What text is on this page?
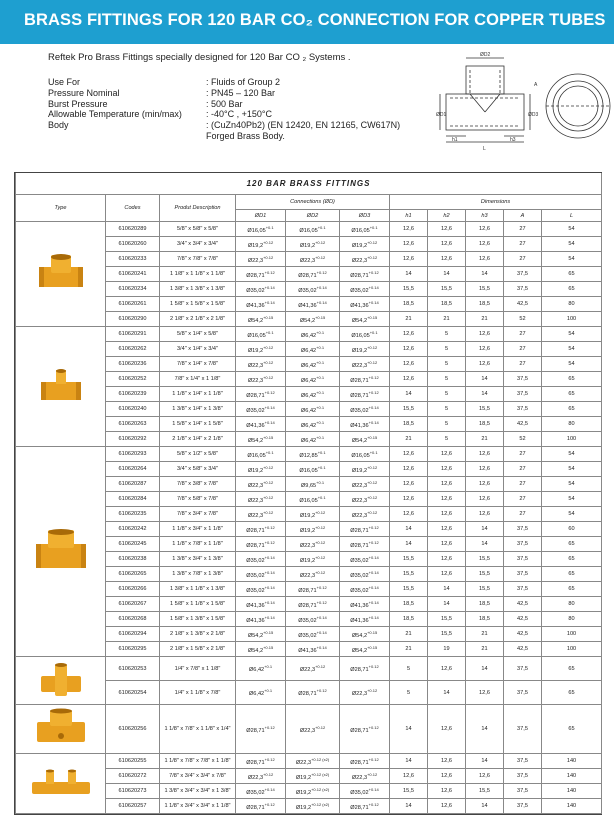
BRASS FITTINGS FOR 120 BAR CO₂ CONNECTION FOR COPPER TUBES
Reftek Pro Brass Fittings specially designed for 120 Bar CO ₂ Systems .
Use For	: Fluids of Group 2
Pressure Nominal	: PN45 – 120 Bar
Burst Pressure	: 500 Bar
Allowable Temperature (min/max)	: -40°C , +150°C
Body	: (CuZn40Pb2) (EN 12420, EN 12165, CW617N)
Forged Brass Body.
ØD2
ØD1	ØD3
h1	h3
L
A
120 BAR BRASS FITTINGS										
Type	Codes	Produt Description	Connections (ØD)			Dimensions				
			ØD1	ØD2	ØD3	h1	h2	h3	A	L
	610620289	5/8" x 5/8" x 5/8"	$Ø16,05^{+0.1}$	$Ø16,05^{+0.1}$	$Ø16,05^{+0.1}$	12,6	12,6	12,6	27	54
	610620260	3/4" x 3/4" x 3/4"	$Ø19,2^{+0.12}$	$Ø19,2^{+0.12}$	$Ø19,2^{+0.12}$	12,6	12,6	12,6	27	54
	610620233	7/8" x 7/8" x 7/8"	$Ø22,3^{+0.12}$	$Ø22,3^{+0.12}$	$Ø22,3^{+0.12}$	12,6	12,6	12,6	27	54
	610620241	1 1/8" x 1 1/8" x 1 1/8"	$Ø28,71^{+0.12}$	$Ø28,71^{+0.12}$	$Ø28,71^{+0.12}$	14	14	14	37,5	65
	610620234	1 3/8" x 1 3/8" x 1 3/8"	$Ø35,02^{+0.14}$	$Ø35,02^{+0.14}$	$Ø35,02^{+0.14}$	15,5	15,5	15,5	37,5	65
	610620261	1 5/8" x 1 5/8" x 1 5/8"	$Ø41,36^{+0.14}$	$Ø41,36^{+0.14}$	$Ø41,36^{+0.14}$	18,5	18,5	18,5	42,5	80
	610620290	2 1/8" x 2 1/8" x 2 1/8"	$Ø54,2^{+0.15}$	$Ø54,2^{+0.15}$	$Ø54,2^{+0.15}$	21	21	21	52	100
	610620291	5/8" x 1/4" x 5/8"	$Ø16,05^{+0.1}$	$Ø6,42^{+0.1}$	$Ø16,05^{+0.1}$	12,6	5	12,6	27	54
	610620262	3/4" x 1/4" x 3/4"	$Ø19,2^{+0.12}$	$Ø6,42^{+0.1}$	$Ø19,2^{+0.12}$	12,6	5	12,6	27	54
	610620236	7/8" x 1/4" x 7/8"	$Ø22,3^{+0.12}$	$Ø6,42^{+0.1}$	$Ø22,3^{+0.12}$	12,6	5	12,6	27	54
	610620252	7/8" x 1/4" x 1 1/8"	$Ø22,3^{+0.12}$	$Ø6,42^{+0.1}$	$Ø28,71^{+0.12}$	12,6	5	14	37,5	65
	610620239	1 1/8" x 1/4" x 1 1/8"	$Ø28,71^{+0.12}$	$Ø6,42^{+0.1}$	$Ø28,71^{+0.12}$	14	5	14	37,5	65
	610620240	1 3/8" x 1/4" x 1 3/8"	$Ø35,02^{+0.14}$	$Ø6,42^{+0.1}$	$Ø35,02^{+0.14}$	15,5	5	15,5	37,5	65
	610620263	1 5/8" x 1/4" x 1 5/8"	$Ø41,36^{+0.14}$	$Ø6,42^{+0.1}$	$Ø41,36^{+0.14}$	18,5	5	18,5	42,5	80
	610620292	2 1/8" x 1/4" x 2 1/8"	$Ø54,2^{+0.15}$	$Ø6,42^{+0.1}$	$Ø54,2^{+0.15}$	21	5	21	52	100
	610620293	5/8" x 1/2" x 5/8"	$Ø16,05^{+0.1}$	$Ø12,85^{+0.1}$	$Ø16,05^{+0.1}$	12,6	12,6	12,6	27	54
	610620264	3/4" x 5/8" x 3/4"	$Ø19,2^{+0.12}$	$Ø16,05^{+0.1}$	$Ø19,2^{+0.12}$	12,6	12,6	12,6	27	54
	610620287	7/8" x 3/8" x 7/8"	$Ø22,3^{+0.12}$	$Ø9,65^{+0.1}$	$Ø22,3^{+0.12}$	12,6	12,6	12,6	27	54
	610620284	7/8" x 5/8" x 7/8"	$Ø22,3^{+0.12}$	$Ø16,05^{+0.1}$	$Ø22,3^{+0.12}$	12,6	12,6	12,6	27	54
	610620235	7/8" x 3/4" x 7/8"	$Ø22,3^{+0.12}$	$Ø19,2^{+0.12}$	$Ø22,3^{+0.12}$	12,6	12,6	12,6	27	54
	610620242	1 1/8" x 3/4" x 1 1/8"	$Ø28,71^{+0.12}$	$Ø19,2^{+0.12}$	$Ø28,71^{+0.12}$	14	12,6	14	37,5	60
	610620245	1 1/8" x 7/8" x 1 1/8"	$Ø28,71^{+0.12}$	$Ø22,3^{+0.12}$	$Ø28,71^{+0.12}$	14	12,6	14	37,5	65
	610620238	1 3/8" x 3/4" x 1 3/8"	$Ø35,02^{+0.14}$	$Ø19,2^{+0.12}$	$Ø35,02^{+0.14}$	15,5	12,6	15,5	37,5	65
	610620265	1 3/8" x 7/8" x 1 3/8"	$Ø35,02^{+0.14}$	$Ø22,3^{+0.12}$	$Ø35,02^{+0.14}$	15,5	12,6	15,5	37,5	65
	610620266	1 3/8" x 1 1/8" x 1 3/8"	$Ø35,02^{+0.14}$	$Ø28,71^{+0.12}$	$Ø35,02^{+0.14}$	15,5	14	15,5	37,5	65
	610620267	1 5/8" x 1 1/8" x 1 5/8"	$Ø41,36^{+0.14}$	$Ø28,71^{+0.12}$	$Ø41,36^{+0.14}$	18,5	14	18,5	42,5	80
	610620268	1 5/8" x 1 3/8" x 1 5/8"	$Ø41,36^{+0.14}$	$Ø35,02^{+0.14}$	$Ø41,36^{+0.14}$	18,5	15,5	18,5	42,5	80
	610620294	2 1/8" x 1 3/8" x 2 1/8"	$Ø54,2^{+0.15}$	$Ø35,02^{+0.14}$	$Ø54,2^{+0.15}$	21	15,5	21	42,5	100
	610620295	2 1/8" x 1 5/8" x 2 1/8"	$Ø54,2^{+0.15}$	$Ø41,36^{+0.14}$	$Ø54,2^{+0.15}$	21	19	21	42,5	100
	610620253	1/4" x 7/8" x 1 1/8"	$Ø6,42^{+0.1}$	$Ø22,3^{+0.12}$	$Ø28,71^{+0.12}$	5	12,6	14	37,5	65
	610620254	1/4" x 1 1/8" x 7/8"	$Ø6,42^{+0.1}$	$Ø28,71^{+0.12}$	$Ø22,3^{+0.12}$	5	14	12,6	37,5	65
	610620256	1 1/8" x 7/8" x 1 1/8" x 1/4"	$Ø28,71^{+0.12}$	$Ø22,3^{+0.12}$	$Ø28,71^{+0.12}$	14	12,6	14	37,5	65
	610620255	1 1/8" x 7/8" x 7/8" x 1 1/8"	$Ø28,71^{+0.12}$	$Ø22,3^{+0.12 (x2)}$	$Ø28,71^{+0.12}$	14	12,6	14	37,5	140
	610620272	7/8" x 3/4" x 3/4" x 7/8"	$Ø22,3^{+0.12}$	$Ø19,2^{+0.12 (x2)}$	$Ø22,3^{+0.12}$	12,6	12,6	12,6	37,5	140
	610620273	1 3/8" x 3/4" x 3/4" x 1 3/8"	$Ø35,02^{+0.14}$	$Ø19,2^{+0.12 (x2)}$	$Ø35,02^{+0.14}$	15,5	12,6	15,5	37,5	140
	610620257	1 1/8" x 3/4" x 3/4" x 1 1/8"	$Ø28,71^{+0.12}$	$Ø19,2^{+0.12 (x2)}$	$Ø28,71^{+0.12}$	14	12,6	14	37,5	140
